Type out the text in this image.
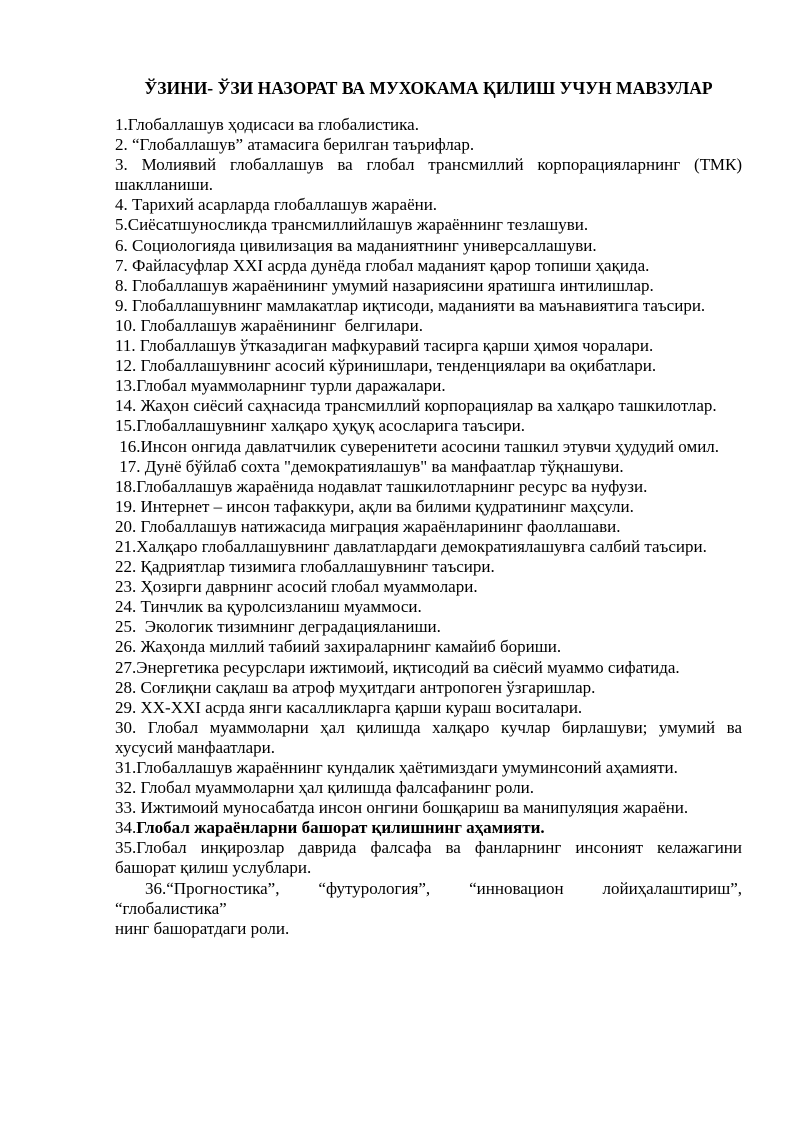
ЎЗИНИ- ЎЗИ НАЗОРАТ ВА МУХОКАМА ҚИЛИШ УЧУН МАВЗУЛАР
1.Глобаллашув ҳодисаси ва глобалистика.
2. “Глобаллашув” атамасига берилган таърифлар.
3. Молиявий глобаллашув ва глобал трансмиллий корпорацияларнинг (ТМК)
шаклланиши.
4. Тарихий асарларда глобаллашув жараёни.
5.Сиёсатшуносликда трансмиллийлашув жараённинг тезлашуви.
6. Социологияда цивилизация ва маданиятнинг универсаллашуви.
7. Файласуфлар XXI асрда дунёда глобал маданият қарор топиши ҳақида.
8. Глобаллашув жараёнининг умумий назариясини яратишга интилишлар.
9. Глобаллашувнинг мамлакатлар иқтисоди, маданияти ва маънавиятига таъсири.
10. Глобаллашув жараёнининг  белгилари.
11. Глобаллашув ўтказадиган мафкуравий тасирга қарши ҳимоя чоралари.
12. Глобаллашувнинг асосий кўринишлари, тенденциялари ва оқибатлари.
13.Глобал муаммоларнинг турли даражалари.
14. Жаҳон сиёсий саҳнасида трансмиллий корпорациялар ва халқаро ташкилотлар.
15.Глобаллашувнинг халқаро ҳуқуқ асосларига таъсири.
16.Инсон онгида давлатчилик суверенитети асосини ташкил этувчи ҳудудий омил.
17. Дунё бўйлаб сохта "демократиялашув" ва манфаатлар тўқнашуви.
18.Глобаллашув жараёнида нодавлат ташкилотларнинг ресурс ва нуфузи.
19. Интернет – инсон тафаккури, ақли ва билими қудратининг маҳсули.
20. Глобаллашув натижасида миграция жараёнларининг фаоллашави.
21.Халқаро глобаллашувнинг давлатлардаги демократиялашувга салбий таъсири.
22. Қадриятлар тизимига глобаллашувнинг таъсири.
23. Ҳозирги даврнинг асосий глобал муаммолари.
24. Тинчлик ва қуролсизланиш муаммоси.
25.  Экологик тизимнинг деградацияланиши.
26. Жаҳонда миллий табиий захираларнинг камайиб бориши.
27.Энергетика ресурслари ижтимоий, иқтисодий ва сиёсий муаммо сифатида.
28. Соғлиқни сақлаш ва атроф муҳитдаги антропоген ўзгаришлар.
29. XX-XXI асрда янги касалликларга қарши кураш воситалари.
30. Глобал муаммоларни ҳал қилишда халқаро кучлар бирлашуви; умумий ва
хусусий манфаатлари.
31.Глобаллашув жараённинг кундалик ҳаётимиздаги умуминсоний аҳамияти.
32. Глобал муаммоларни ҳал қилишда фалсафанинг роли.
33. Ижтимоий муносабатда инсон онгини бошқариш ва манипуляция жараёни.
34.Глобал жараёнларни башорат қилишнинг аҳамияти.
35.Глобал инқирозлар даврида фалсафа ва фанларнинг инсоният келажагини
башорат қилиш услублари.
36.“Прогностика”, “футурология”, “инновацион лойиҳалаштириш”,
“глобалистика”
нинг башоратдаги роли.
